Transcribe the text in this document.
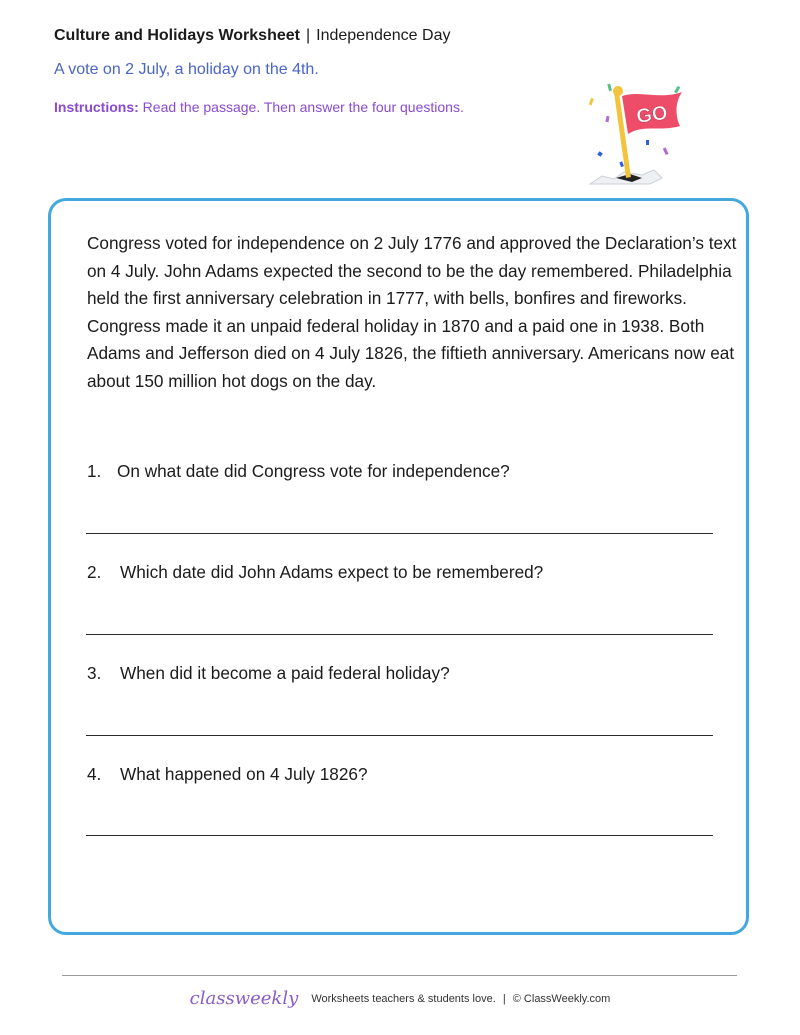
Culture and Holidays Worksheet | Independence Day
A vote on 2 July, a holiday on the 4th.
Instructions: Read the passage. Then answer the four questions.	GO

Congress voted for independence on 2 July 1776 and approved the Declaration’s text on 4 July. John Adams expected the second to be the day remembered. Philadelphia held the first anniversary celebration in 1777, with bells, bonfires and fireworks. Congress made it an unpaid federal holiday in 1870 and a paid one in 1938. Both Adams and Jefferson died on 4 July 1826, the fiftieth anniversary. Americans now eat about 150 million hot dogs on the day.

1. On what date did Congress vote for independence?
2. Which date did John Adams expect to be remembered?
3. When did it become a paid federal holiday?
4. What happened on 4 July 1826?
classweekly Worksheets teachers & students love. | © ClassWeekly.com
